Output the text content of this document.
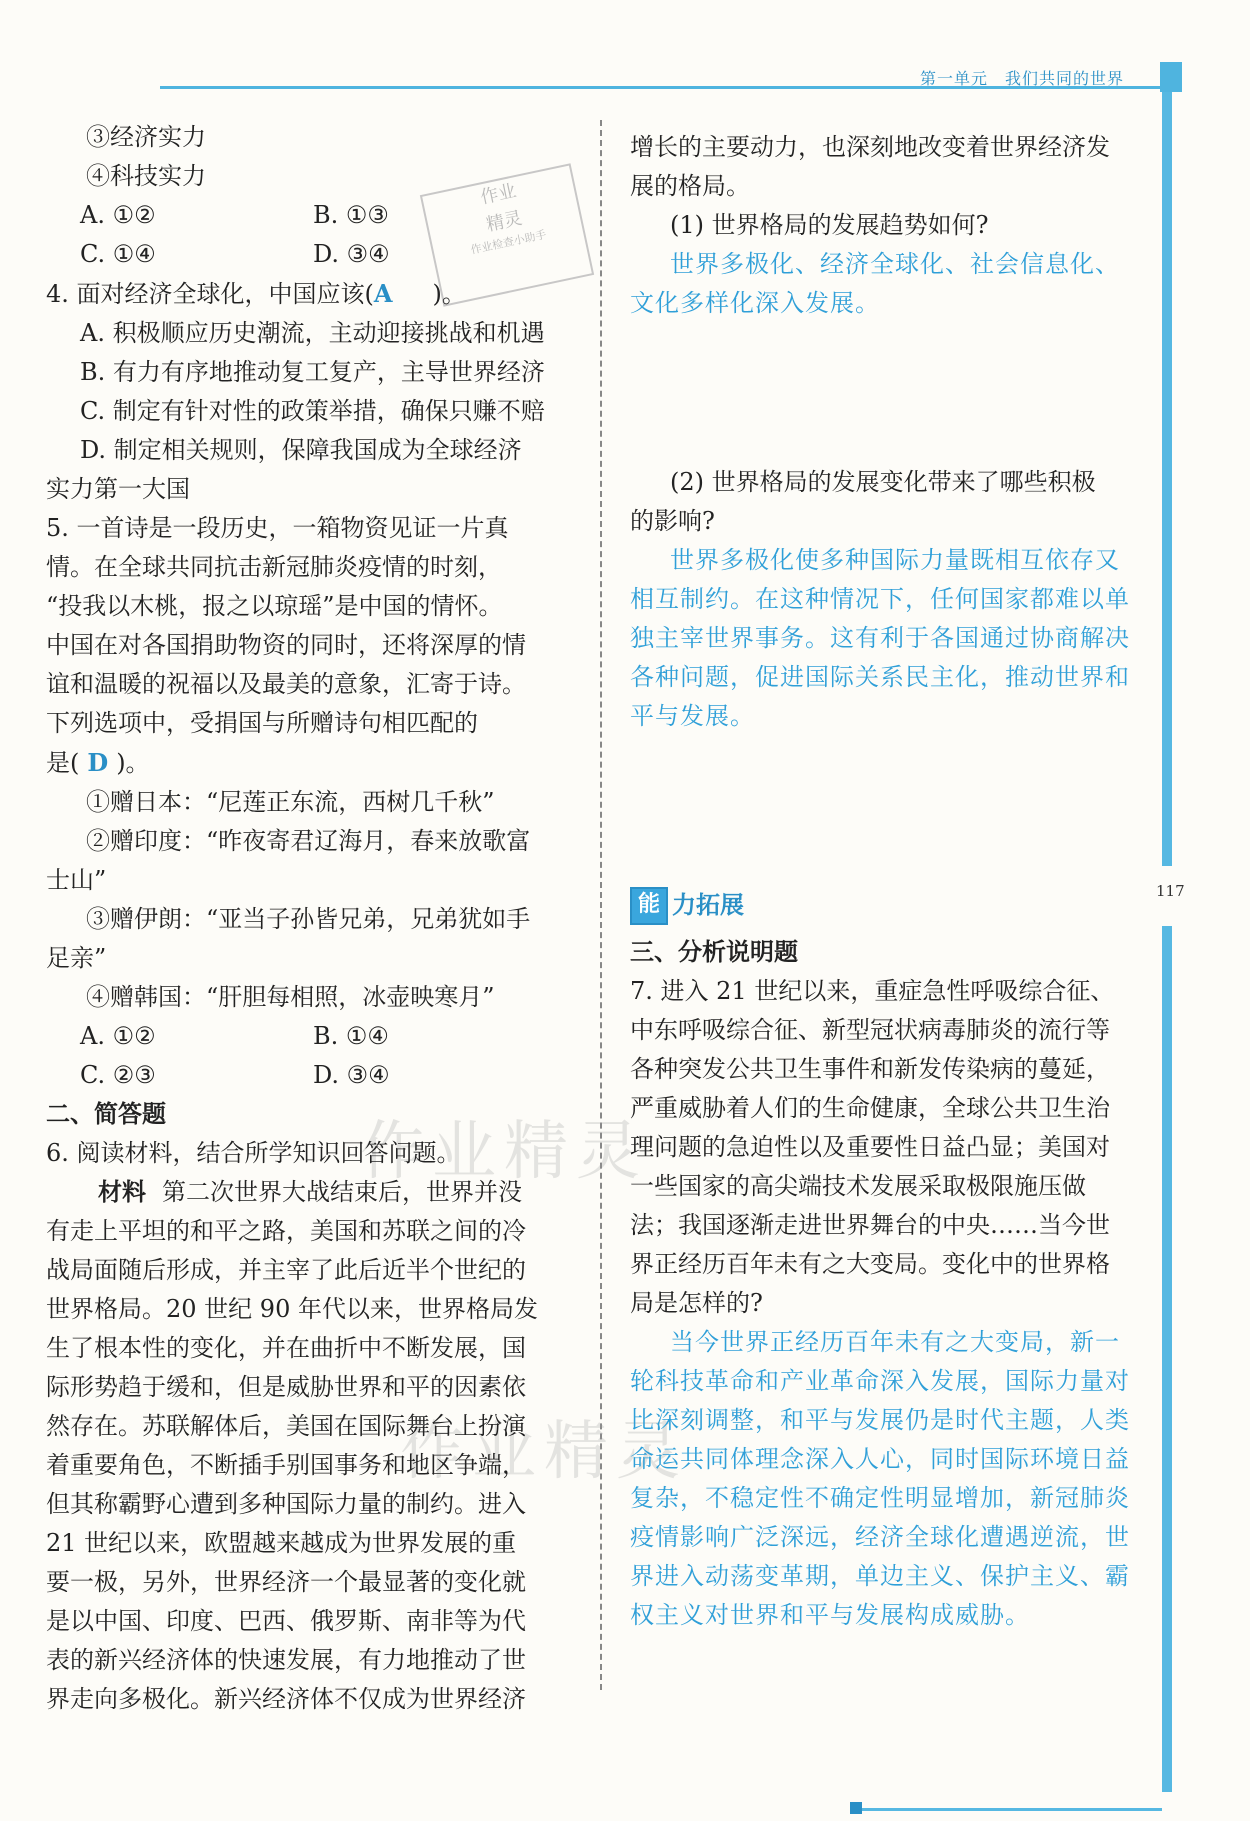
第一单元　我们共同的世界
117
作业
精灵
作业检查小助手
作业精灵
作业精灵
③经济实力
④科技实力
A. ①②	B. ①③
C. ①④	D. ③④
4. 面对经济全球化，中国应该(A )。
A. 积极顺应历史潮流，主动迎接挑战和机遇
B. 有力有序地推动复工复产，主导世界经济
C. 制定有针对性的政策举措，确保只赚不赔
D. 制定相关规则，保障我国成为全球经济
实力第一大国
5. 一首诗是一段历史，一箱物资见证一片真
情。在全球共同抗击新冠肺炎疫情的时刻，
“投我以木桃，报之以琼瑶”是中国的情怀。
中国在对各国捐助物资的同时，还将深厚的情
谊和温暖的祝福以及最美的意象，汇寄于诗。
下列选项中，受捐国与所赠诗句相匹配的
是( D )。
①赠日本：“尼莲正东流，西树几千秋”
②赠印度：“昨夜寄君辽海月，春来放歌富
士山”
③赠伊朗：“亚当子孙皆兄弟，兄弟犹如手
足亲”
④赠韩国：“肝胆每相照，冰壶映寒月”
A. ①②	B. ①④
C. ②③	D. ③④
二、简答题
6. 阅读材料，结合所学知识回答问题。
材料 第二次世界大战结束后，世界并没
有走上平坦的和平之路，美国和苏联之间的冷
战局面随后形成，并主宰了此后近半个世纪的
世界格局。20 世纪 90 年代以来，世界格局发
生了根本性的变化，并在曲折中不断发展，国
际形势趋于缓和，但是威胁世界和平的因素依
然存在。苏联解体后，美国在国际舞台上扮演
着重要角色，不断插手别国事务和地区争端，
但其称霸野心遭到多种国际力量的制约。进入
21 世纪以来，欧盟越来越成为世界发展的重
要一极，另外，世界经济一个最显著的变化就
是以中国、印度、巴西、俄罗斯、南非等为代
表的新兴经济体的快速发展，有力地推动了世
界走向多极化。新兴经济体不仅成为世界经济
增长的主要动力，也深刻地改变着世界经济发
展的格局。
(1) 世界格局的发展趋势如何?
世界多极化、经济全球化、社会信息化、
文化多样化深入发展。
(2) 世界格局的发展变化带来了哪些积极
的影响?
世界多极化使多种国际力量既相互依存又
相互制约。在这种情况下，任何国家都难以单
独主宰世界事务。这有利于各国通过协商解决
各种问题，促进国际关系民主化，推动世界和
平与发展。
能 力拓展
三、分析说明题
7. 进入 21 世纪以来，重症急性呼吸综合征、
中东呼吸综合征、新型冠状病毒肺炎的流行等
各种突发公共卫生事件和新发传染病的蔓延，
严重威胁着人们的生命健康，全球公共卫生治
理问题的急迫性以及重要性日益凸显；美国对
一些国家的高尖端技术发展采取极限施压做
法；我国逐渐走进世界舞台的中央……当今世
界正经历百年未有之大变局。变化中的世界格
局是怎样的?
当今世界正经历百年未有之大变局，新一
轮科技革命和产业革命深入发展，国际力量对
比深刻调整，和平与发展仍是时代主题，人类
命运共同体理念深入人心，同时国际环境日益
复杂，不稳定性不确定性明显增加，新冠肺炎
疫情影响广泛深远，经济全球化遭遇逆流，世
界进入动荡变革期，单边主义、保护主义、霸
权主义对世界和平与发展构成威胁。
